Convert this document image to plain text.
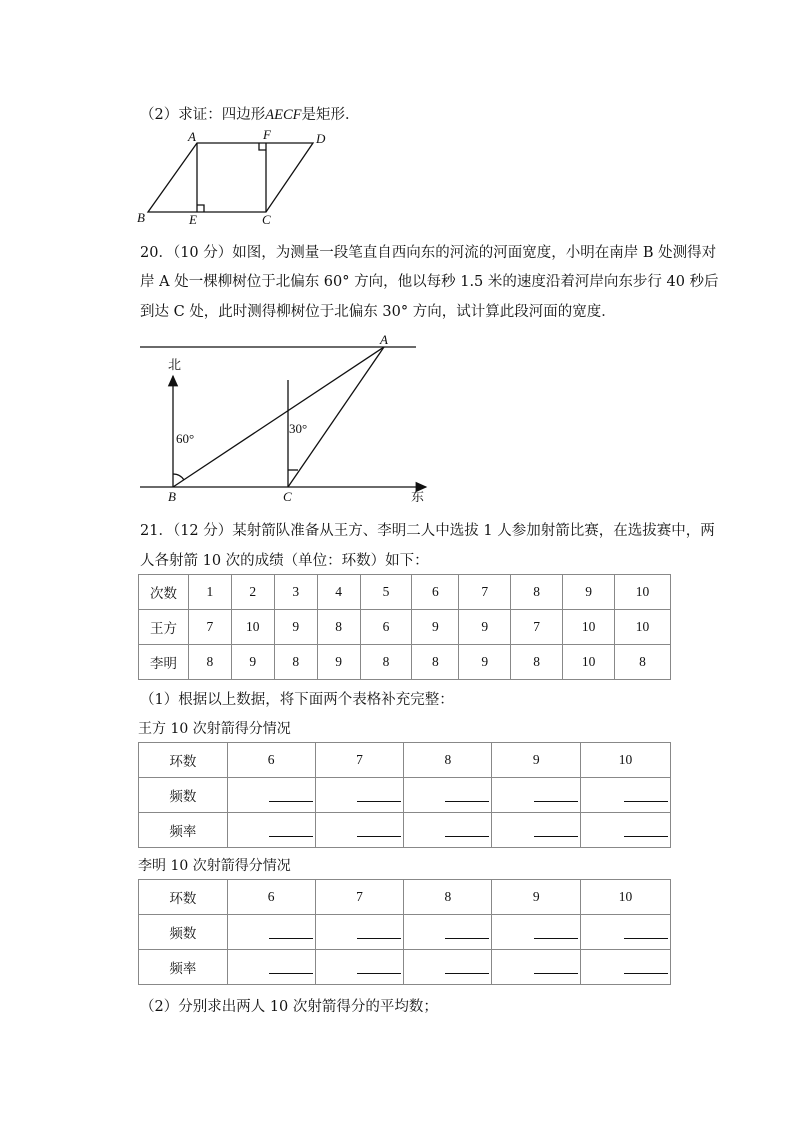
（2）求证：四边形AECF是矩形．
A	F	D
B	E	C
20．（10 分）如图，为测量一段笔直自西向东的河流的河面宽度，小明在南岸 B 处测得对
岸 A 处一棵柳树位于北偏东 60° 方向，他以每秒 1.5 米的速度沿着河岸向东步行 40 秒后
到达 C 处，此时测得柳树位于北偏东 30° 方向，试计算此段河面的宽度．
北
东
A
B	C
60°
30°
21．（12 分）某射箭队准备从王方、李明二人中选拔 1 人参加射箭比赛，在选拔赛中，两
人各射箭 10 次的成绩（单位：环数）如下：
次数	1	2	3	4	5	6	7	8	9	10
王方	7	10	9	8	6	9	9	7	10	10
李明	8	9	8	9	8	8	9	8	10	8
（1）根据以上数据，将下面两个表格补充完整：
王方 10 次射箭得分情况
环数	6	7	8	9	10
频数					
频率					
李明 10 次射箭得分情况
环数	6	7	8	9	10
频数					
频率					
（2）分别求出两人 10 次射箭得分的平均数；
